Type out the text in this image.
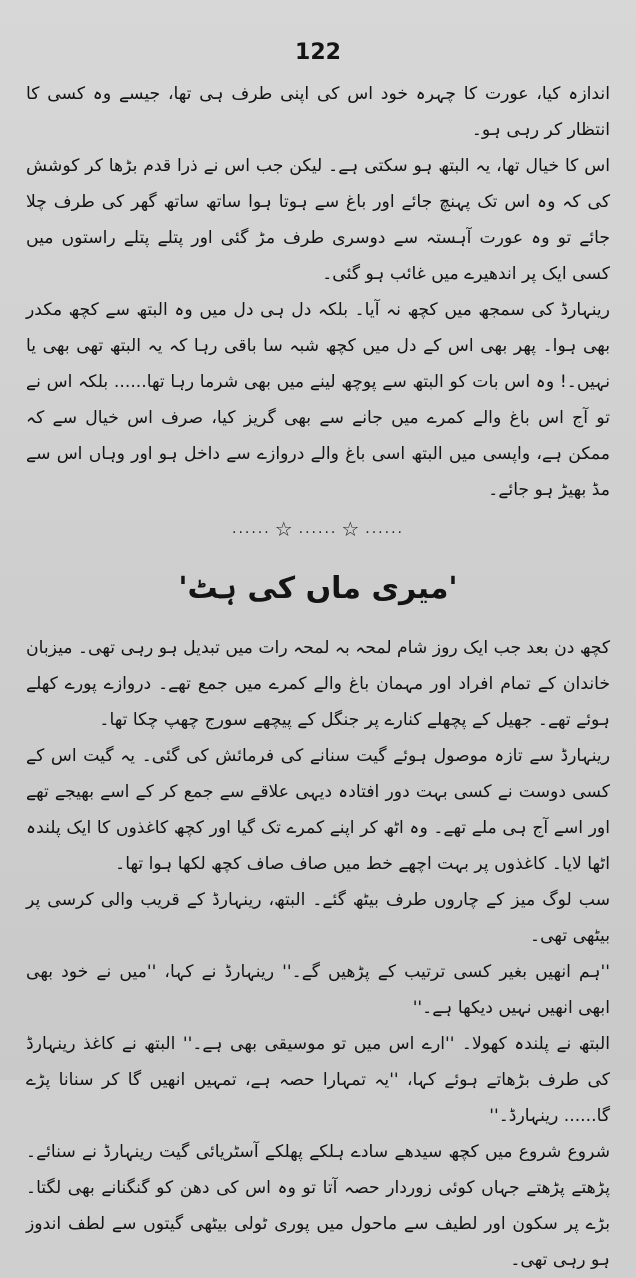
122

اندازہ کیا، عورت کا چہرہ خود اس کی اپنی طرف ہی تھا، جیسے وہ کسی کا انتظار کر رہی ہو۔

اس کا خیال تھا، یہ البتھ ہو سکتی ہے۔ لیکن جب اس نے ذرا قدم بڑھا کر کوشش کی کہ وہ اس تک پہنچ جائے اور باغ سے ہوتا ہوا ساتھ ساتھ گھر کی طرف چلا جائے تو وہ عورت آہستہ سے دوسری طرف مڑ گئی اور پتلے پتلے راستوں میں کسی ایک پر اندھیرے میں غائب ہو گئی۔

رینہارڈ کی سمجھ میں کچھ نہ آیا۔ بلکہ دل ہی دل میں وہ البتھ سے کچھ مکدر بھی ہوا۔ پھر بھی اس کے دل میں کچھ شبہ سا باقی رہا کہ یہ البتھ تھی بھی یا نہیں۔! وہ اس بات کو البتھ سے پوچھ لینے میں بھی شرما رہا تھا...... بلکہ اس نے تو آج اس باغ والے کمرے میں جانے سے بھی گریز کیا، صرف اس خیال سے کہ ممکن ہے، واپسی میں البتھ اسی باغ والے دروازے سے داخل ہو اور وہاں اس سے مڈ بھیڑ ہو جائے۔

...... ☆ ...... ☆ ......
'میری ماں کی ہٹ'

کچھ دن بعد جب ایک روز شام لمحہ بہ لمحہ رات میں تبدیل ہو رہی تھی۔ میزبان خاندان کے تمام افراد اور مہمان باغ والے کمرے میں جمع تھے۔ دروازے پورے کھلے ہوئے تھے۔ جھیل کے پچھلے کنارے پر جنگل کے پیچھے سورج چھپ چکا تھا۔

رینہارڈ سے تازہ موصول ہوئے گیت سنانے کی فرمائش کی گئی۔ یہ گیت اس کے کسی دوست نے کسی بہت دور افتادہ دیہی علاقے سے جمع کر کے اسے بھیجے تھے اور اسے آج ہی ملے تھے۔ وہ اٹھ کر اپنے کمرے تک گیا اور کچھ کاغذوں کا ایک پلندہ اٹھا لایا۔ کاغذوں پر بہت اچھے خط میں صاف صاف کچھ لکھا ہوا تھا۔

سب لوگ میز کے چاروں طرف بیٹھ گئے۔ البتھ، رینہارڈ کے قریب والی کرسی پر بیٹھی تھی۔

''ہم انھیں بغیر کسی ترتیب کے پڑھیں گے۔'' رینہارڈ نے کہا، ''میں نے خود بھی ابھی انھیں نہیں دیکھا ہے۔''

البتھ نے پلندہ کھولا۔ ''ارے اس میں تو موسیقی بھی ہے۔'' البتھ نے کاغذ رینہارڈ کی طرف بڑھاتے ہوئے کہا، ''یہ تمہارا حصہ ہے، تمہیں انھیں گا کر سنانا پڑے گا...... رینہارڈ۔''

شروع شروع میں کچھ سیدھے سادے ہلکے پھلکے آسٹریائی گیت رینہارڈ نے سنائے۔ پڑھتے پڑھتے جہاں کوئی زوردار حصہ آتا تو وہ اس کی دھن کو گنگنانے بھی لگتا۔ بڑے پر سکون اور لطیف سے ماحول میں پوری ٹولی بیٹھی گیتوں سے لطف اندوز ہو رہی تھی۔
